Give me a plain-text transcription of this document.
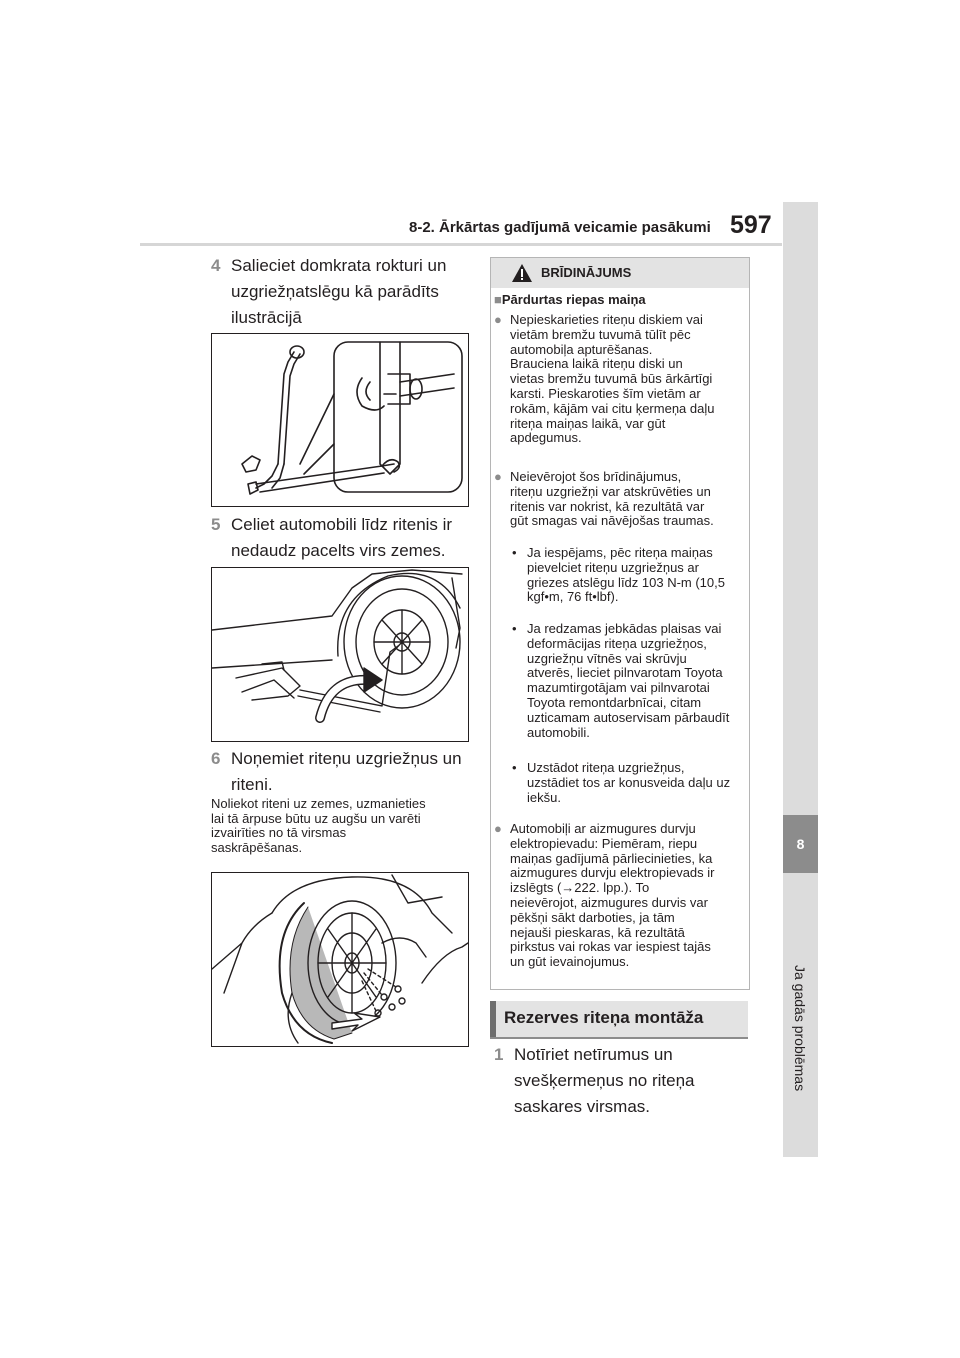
8-2. Ārkārtas gadījumā veicamie pasākumi 597
8
Ja gadās problēmas
4 Salieciet domkrata rokturi un
uzgriežņatslēgu kā parādīts
ilustrācijā
5 Celiet automobili līdz ritenis ir
nedaudz pacelts virs zemes.
6 Noņemiet riteņu uzgriežņus un
riteni.
Noliekot riteni uz zemes, uzmanieties
lai tā ārpuse būtu uz augšu un varēti
izvairīties no tā virsmas
saskrāpēšanas.
BRĪDINĀJUMS
■Pārdurtas riepas maiņa
● Nepieskarieties riteņu diskiem vai
vietām bremžu tuvumā tūlīt pēc
automobiļa apturēšanas.
Brauciena laikā riteņu diski un
vietas bremžu tuvumā būs ārkārtīgi
karsti. Pieskaroties šīm vietām ar
rokām, kājām vai citu ķermeņa daļu
riteņa maiņas laikā, var gūt
apdegumus.
● Neievērojot šos brīdinājumus,
riteņu uzgriežņi var atskrūvēties un
ritenis var nokrist, kā rezultātā var
gūt smagas vai nāvējošas traumas.
• Ja iespējams, pēc riteņa maiņas
pievelciet riteņu uzgriežņus ar
griezes atslēgu līdz 103 N-m (10,5
kgf•m, 76 ft•lbf).
• Ja redzamas jebkādas plaisas vai
deformācijas riteņa uzgriežņos,
uzgriežņu vītnēs vai skrūvju
atverēs, lieciet pilnvarotam Toyota
mazumtirgotājam vai pilnvarotai
Toyota remontdarbnīcai, citam
uzticamam autoservisam pārbaudīt
automobili.
• Uzstādot riteņa uzgriežņus,
uzstādiet tos ar konusveida daļu uz
iekšu.
● Automobiļi ar aizmugures durvju
elektropievadu: Piemēram, riepu
maiņas gadījumā pārliecinieties, ka
aizmugures durvju elektropievads ir
izslēgts (→222. lpp.). To
neievērojot, aizmugures durvis var
pēkšņi sākt darboties, ja tām
nejauši pieskaras, kā rezultātā
pirkstus vai rokas var iespiest tajās
un gūt ievainojumus.
Rezerves riteņa montāža
1 Notīriet netīrumus un
svešķermeņus no riteņa
saskares virsmas.
